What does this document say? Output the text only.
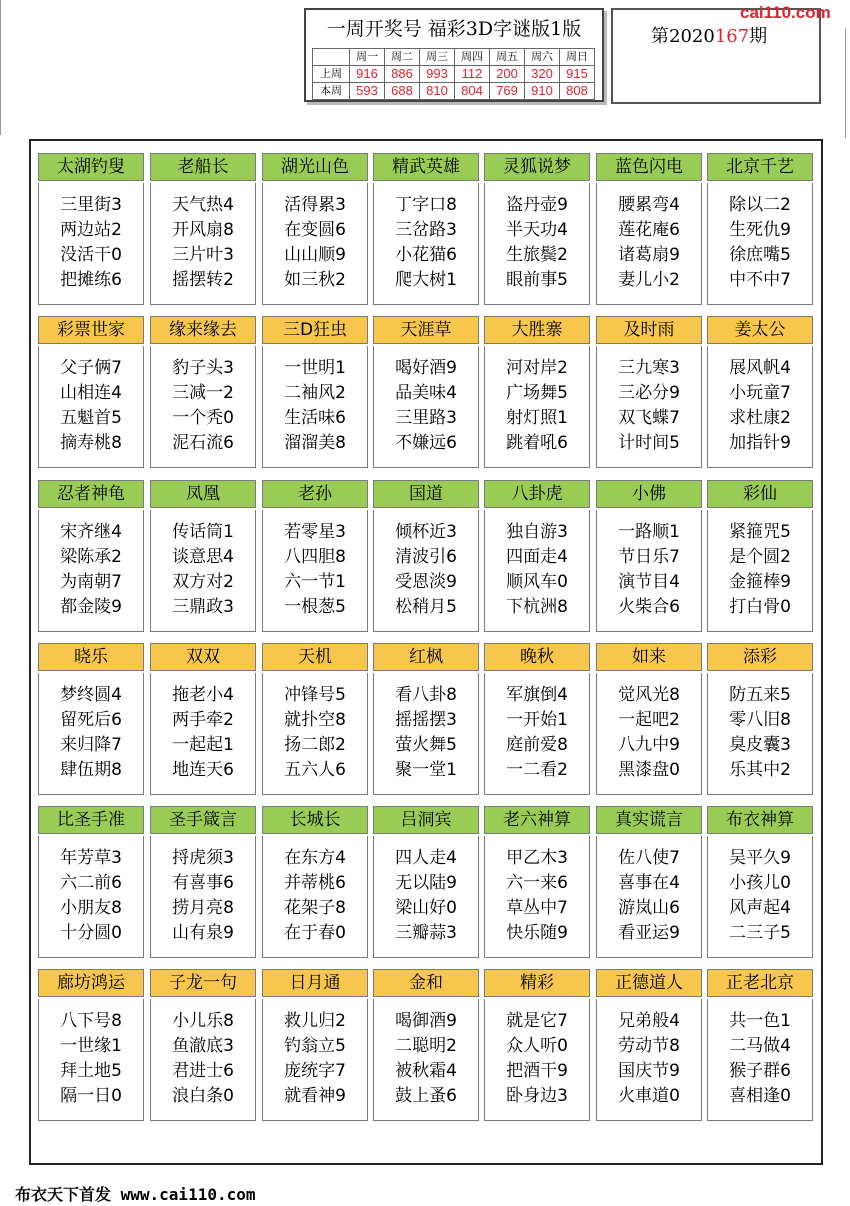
一周开奖号 福彩3D字谜版1版
	周一	周二	周三	周四	周五	周六	周日
上周	916	886	993	112	200	320	915
本周	593	688	810	804	769	910	808
第2020167期
cai110.com
太湖钓叟
三里街3
两边站2
没活干0
把摊练6
老船长
天气热4
开风扇8
三片叶3
摇摆转2
湖光山色
活得累3
在变圆6
山山顺9
如三秋2
精武英雄
丁字口8
三岔路3
小花猫6
爬大树1
灵狐说梦
盗丹壶9
半天功4
生旅鬓2
眼前事5
蓝色闪电
腰累弯4
莲花庵6
诸葛扇9
妻儿小2
北京千艺
除以二2
生死仇9
徐庶嘴5
中不中7
彩票世家
父子俩7
山相连4
五魁首5
摘寿桃8
缘来缘去
豹子头3
三减一2
一个秃0
泥石流6
三D狂虫
一世明1
二袖风2
生活味6
溜溜美8
天涯草
喝好酒9
品美味4
三里路3
不嫌远6
大胜寨
河对岸2
广场舞5
射灯照1
跳着吼6
及时雨
三九寒3
三必分9
双飞蝶7
计时间5
姜太公
展风帆4
小玩童7
求杜康2
加指针9
忍者神龟
宋齐继4
梁陈承2
为南朝7
都金陵9
凤凰
传话筒1
谈意思4
双方对2
三鼎政3
老孙
若零星3
八四胆8
六一节1
一根葱5
国道
倾杯近3
清波引6
受恩淡9
松稍月5
八卦虎
独自游3
四面走4
顺风车0
下杭洲8
小佛
一路顺1
节日乐7
演节目4
火柴合6
彩仙
紧箍咒5
是个圆2
金箍棒9
打白骨0
晓乐
梦终圆4
留死后6
来归降7
肆伍期8
双双
拖老小4
两手牵2
一起起1
地连天6
天机
冲锋号5
就扑空8
扬二郎2
五六人6
红枫
看八卦8
摇摇摆3
萤火舞5
聚一堂1
晚秋
军旗倒4
一开始1
庭前爱8
一二看2
如来
觉风光8
一起吧2
八九中9
黑漆盘0
添彩
防五来5
零八旧8
臭皮囊3
乐其中2
比圣手准
年芳草3
六二前6
小朋友8
十分圆0
圣手箴言
捋虎须3
有喜事6
捞月亮8
山有泉9
长城长
在东方4
并蒂桃6
花架子8
在于春0
吕洞宾
四人走4
无以陆9
梁山好0
三瓣蒜3
老六神算
甲乙木3
六一来6
草丛中7
快乐随9
真实谎言
佐八使7
喜事在4
游岚山6
看亚运9
布衣神算
吴平久9
小孩儿0
风声起4
二三子5
廊坊鸿运
八下号8
一世缘1
拜土地5
隔一日0
子龙一句
小儿乐8
鱼澈底3
君进士6
浪白条0
日月通
救儿归2
钓翁立5
庞统字7
就看神9
金和
喝御酒9
二聪明2
被秋霜4
鼓上蚤6
精彩
就是它7
众人听0
把酒干9
卧身边3
正德道人
兄弟般4
劳动节8
国庆节9
火車道0
正老北京
共一色1
二马做4
猴子群6
喜相逢0
布衣天下首发 www.cai110.com
